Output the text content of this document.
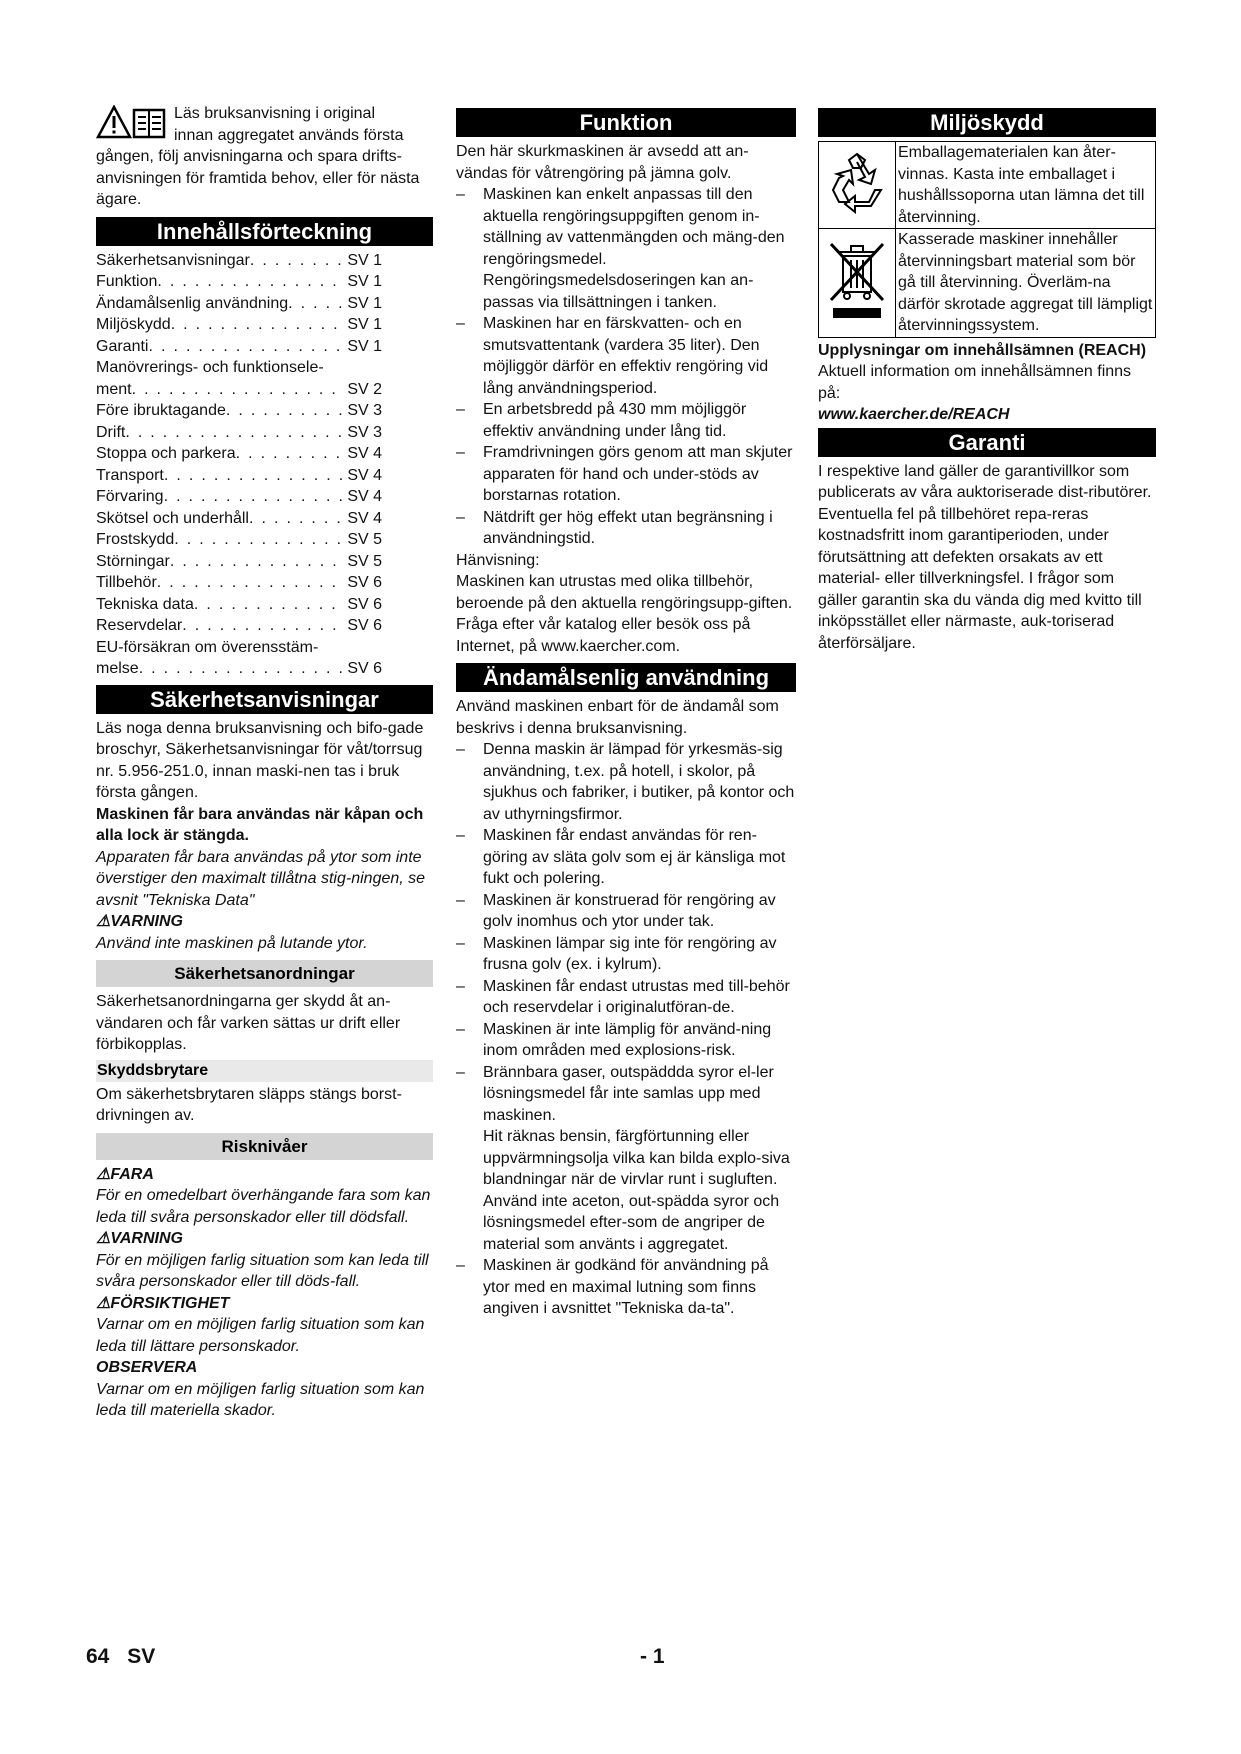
Läs bruksanvisning i original

innan aggregatet används första

gången, följ anvisningarna och spara drifts-anvisningen för framtida behov, eller för nästa ägare.

Innehållsförteckning
Säkerhetsanvisningar . . .	SV 1
Funktion . . .	SV 1
Ändamålsenlig användning . . .	SV 1
Miljöskydd . . .	SV 1
Garanti . . .	SV 1
Manövrerings- och funktionsele-
ment . . .	SV 2
Före ibruktagande . . .	SV 3
Drift . . .	SV 3
Stoppa och parkera . . .	SV 4
Transport . . .	SV 4
Förvaring . . .	SV 4
Skötsel och underhåll . . .	SV 4
Frostskydd . . .	SV 5
Störningar . . .	SV 5
Tillbehör . . .	SV 6
Tekniska data . . .	SV 6
Reservdelar . . .	SV 6
EU-försäkran om överensstäm-
melse . . .	SV 6
Säkerhetsanvisningar

Läs noga denna bruksanvisning och bifo-gade broschyr, Säkerhetsanvisningar för våt/torrsug nr. 5.956-251.0, innan maski-nen tas i bruk första gången.

Maskinen får bara användas när kåpan och alla lock är stängda.

Apparaten får bara användas på ytor som inte överstiger den maximalt tillåtna stig-ningen, se avsnit "Tekniska Data"

⚠VARNING

Använd inte maskinen på lutande ytor.

Säkerhetsanordningar

Säkerhetsanordningarna ger skydd åt an-vändaren och får varken sättas ur drift eller förbikopplas.

Skyddsbrytare

Om säkerhetsbrytaren släpps stängs borst-drivningen av.

Risknivåer

⚠FARA

För en omedelbart överhängande fara som kan leda till svåra personskador eller till dödsfall.

⚠VARNING

För en möjligen farlig situation som kan leda till svåra personskador eller till döds-fall.

⚠FÖRSIKTIGHET

Varnar om en möjligen farlig situation som kan leda till lättare personskador.

OBSERVERA

Varnar om en möjligen farlig situation som kan leda till materiella skador.

Funktion

Den här skurkmaskinen är avsedd att an-vändas för våtrengöring på jämna golv.

– Maskinen kan enkelt anpassas till den aktuella rengöringsuppgiften genom in-ställning av vattenmängden och mäng-den rengöringsmedel.
Rengöringsmedelsdoseringen kan an-passas via tillsättningen i tanken.
– Maskinen har en färskvatten- och en smutsvattentank (vardera 35 liter). Den möjliggör därför en effektiv rengöring vid lång användningsperiod.
– En arbetsbredd på 430 mm möjliggör effektiv användning under lång tid.
– Framdrivningen görs genom att man skjuter apparaten för hand och under-stöds av borstarnas rotation.
– Nätdrift ger hög effekt utan begränsning i användningstid.

Hänvisning:

Maskinen kan utrustas med olika tillbehör, beroende på den aktuella rengöringsupp-giften.

Fråga efter vår katalog eller besök oss på Internet, på www.kaercher.com.

Ändamålsenlig användning

Använd maskinen enbart för de ändamål som beskrivs i denna bruksanvisning.

– Denna maskin är lämpad för yrkesmäs-sig användning, t.ex. på hotell, i skolor, på sjukhus och fabriker, i butiker, på kontor och av uthyrningsfirmor.
– Maskinen får endast användas för ren-göring av släta golv som ej är känsliga mot fukt och polering.
– Maskinen är konstruerad för rengöring av golv inomhus och ytor under tak.
– Maskinen lämpar sig inte för rengöring av frusna golv (ex. i kylrum).
– Maskinen får endast utrustas med till-behör och reservdelar i originalutföran-de.
– Maskinen är inte lämplig för använd-ning inom områden med explosions-risk.
– Brännbara gaser, outspäddda syror el-ler lösningsmedel får inte samlas upp med maskinen.
Hit räknas bensin, färgförtunning eller uppvärmningsolja vilka kan bilda explo-siva blandningar när de virvlar runt i sugluften. Använd inte aceton, out-spädda syror och lösningsmedel efter-som de angriper de material som använts i aggregatet.
– Maskinen är godkänd för användning på ytor med en maximal lutning som finns angiven i avsnittet "Tekniska da-ta".
Miljöskydd
	Emballagematerialen kan åter-vinnas. Kasta inte emballaget i hushållssoporna utan lämna det till återvinning.
	Kasserade maskiner innehåller återvinningsbart material som bör gå till återvinning. Överläm-na därför skrotade aggregat till lämpligt återvinningssystem.

Upplysningar om innehållsämnen (REACH)

Aktuell information om innehållsämnen finns på:

www.kaercher.de/REACH

Garanti

I respektive land gäller de garantivillkor som publicerats av våra auktoriserade dist-ributörer. Eventuella fel på tillbehöret repa-reras kostnadsfritt inom garantiperioden, under förutsättning att defekten orsakats av ett material- eller tillverkningsfel. I frågor som gäller garantin ska du vända dig med kvitto till inköpsstället eller närmaste, auk-toriserad återförsäljare.

64 SV	- 1
